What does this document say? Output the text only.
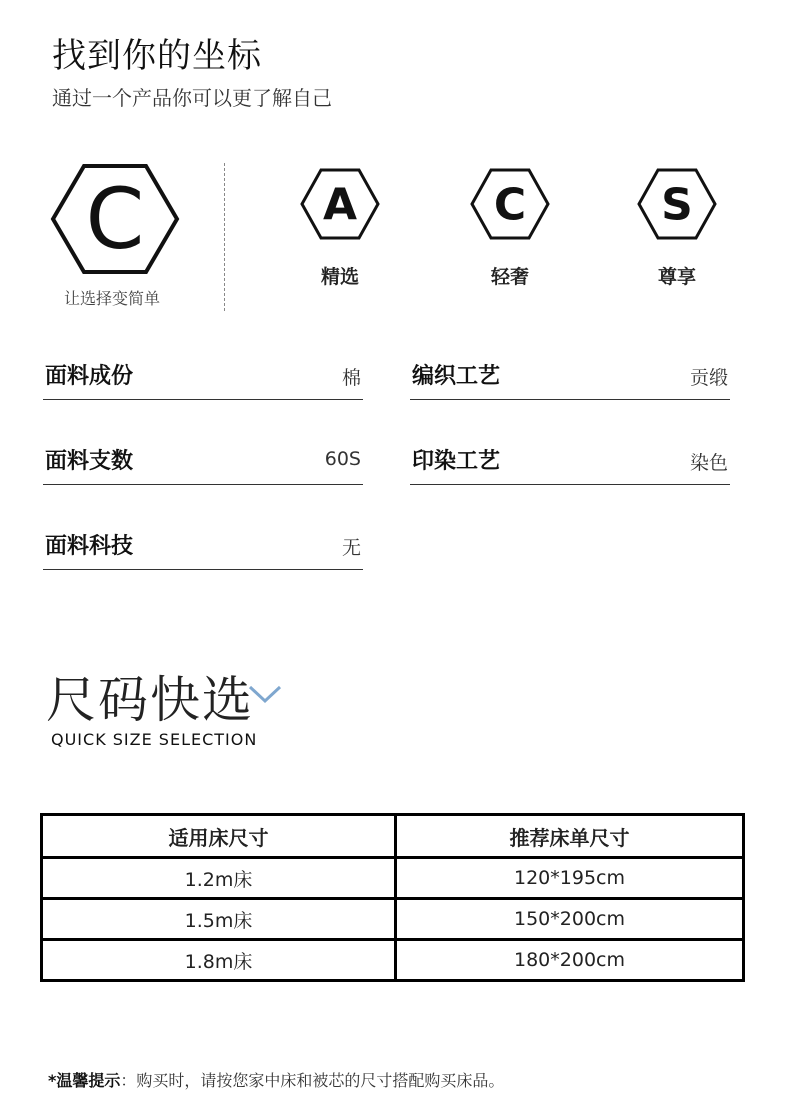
找到你的坐标
通过一个产品你可以更了解自己
C
让选择变简单
A
精选
C
轻奢
S
尊享
面料成份	棉 编织工艺	贡缎
面料支数	60S 印染工艺	染色
面料科技	无
尺码快选
QUICK SIZE SELECTION
适用床尺寸	推荐床单尺寸
1.2m床	120*195cm
1.5m床	150*200cm
1.8m床	180*200cm
*温馨提示：购买时，请按您家中床和被芯的尺寸搭配购买床品。
